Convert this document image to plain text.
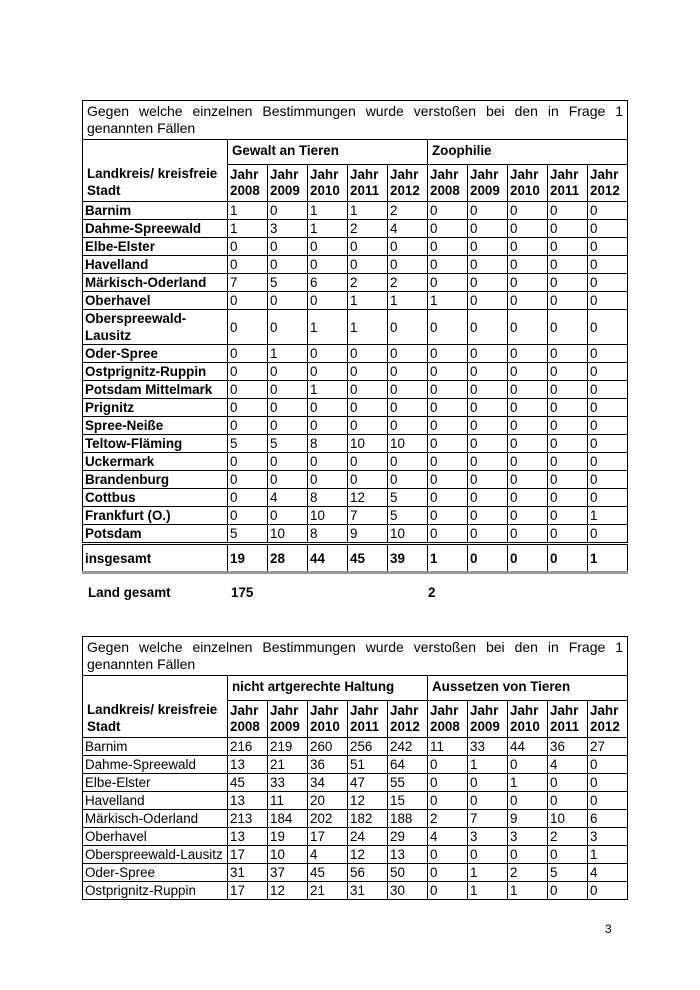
Gegen welche einzelnen Bestimmungen wurde verstoßen bei den in Frage 1 genannten Fällen										
Landkreis/ kreisfreie Stadt	Gewalt an Tieren					Zoophilie				
	Jahr 2008	Jahr 2009	Jahr 2010	Jahr 2011	Jahr 2012	Jahr 2008	Jahr 2009	Jahr 2010	Jahr 2011	Jahr 2012
Barnim	1	0	1	1	2	0	0	0	0	0
Dahme-Spreewald	1	3	1	2	4	0	0	0	0	0
Elbe-Elster	0	0	0	0	0	0	0	0	0	0
Havelland	0	0	0	0	0	0	0	0	0	0
Märkisch-Oderland	7	5	6	2	2	0	0	0	0	0
Oberhavel	0	0	0	1	1	1	0	0	0	0
Oberspreewald-Lausitz	0	0	1	1	0	0	0	0	0	0
Oder-Spree	0	1	0	0	0	0	0	0	0	0
Ostprignitz-Ruppin	0	0	0	0	0	0	0	0	0	0
Potsdam Mittelmark	0	0	1	0	0	0	0	0	0	0
Prignitz	0	0	0	0	0	0	0	0	0	0
Spree-Neiße	0	0	0	0	0	0	0	0	0	0
Teltow-Fläming	5	5	8	10	10	0	0	0	0	0
Uckermark	0	0	0	0	0	0	0	0	0	0
Brandenburg	0	0	0	0	0	0	0	0	0	0
Cottbus	0	4	8	12	5	0	0	0	0	0
Frankfurt (O.)	0	0	10	7	5	0	0	0	0	1
Potsdam	5	10	8	9	10	0	0	0	0	0
insgesamt	19	28	44	45	39	1	0	0	0	1
Land gesamt	175	2
Gegen welche einzelnen Bestimmungen wurde verstoßen bei den in Frage 1 genannten Fällen										
Landkreis/ kreisfreie Stadt	nicht artgerechte Haltung					Aussetzen von Tieren				
	Jahr 2008	Jahr 2009	Jahr 2010	Jahr 2011	Jahr 2012	Jahr 2008	Jahr 2009	Jahr 2010	Jahr 2011	Jahr 2012
Barnim	216	219	260	256	242	11	33	44	36	27
Dahme-Spreewald	13	21	36	51	64	0	1	0	4	0
Elbe-Elster	45	33	34	47	55	0	0	1	0	0
Havelland	13	11	20	12	15	0	0	0	0	0
Märkisch-Oderland	213	184	202	182	188	2	7	9	10	6
Oberhavel	13	19	17	24	29	4	3	3	2	3
Oberspreewald-Lausitz	17	10	4	12	13	0	0	0	0	1
Oder-Spree	31	37	45	56	50	0	1	2	5	4
Ostprignitz-Ruppin	17	12	21	31	30	0	1	1	0	0
3
